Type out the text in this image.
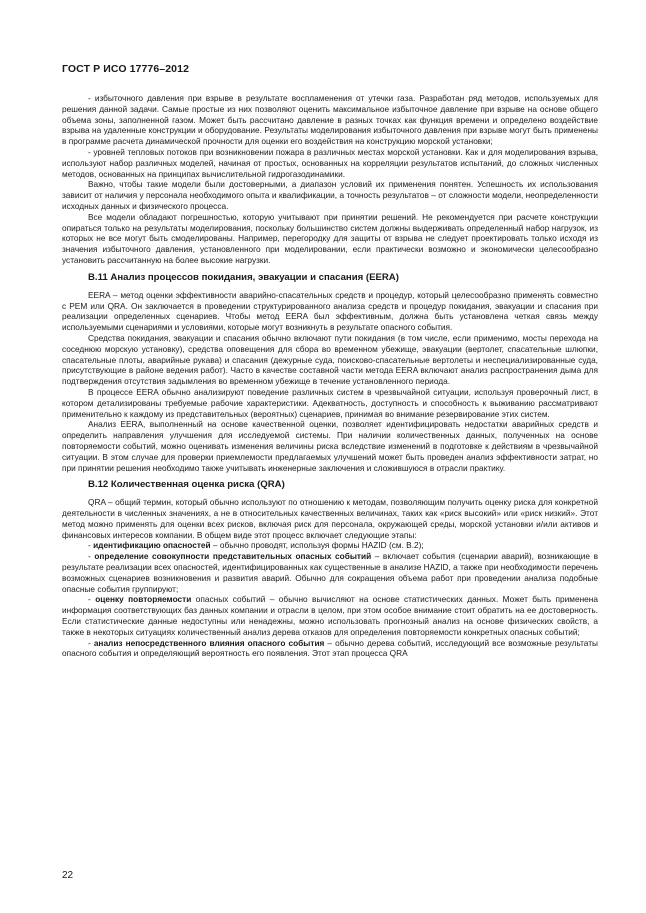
ГОСТ Р ИСО 17776–2012

- избыточного давления при взрыве в результате воспламенения от утечки газа. Разработан ряд методов, используемых для решения данной задачи. Самые простые из них позволяют оценить максимальное избыточное давление при взрыве на основе общего объема зоны, заполненной газом. Может быть рассчитано давление в разных точках как функция времени и определено воздействие взрыва на удаленные конструкции и оборудование. Результаты моделирования избыточного давления при взрыве могут быть применены в программе расчета динамической прочности для оценки его воздействия на конструкцию морской установки;

- уровней тепловых потоков при возникновении пожара в различных местах морской установки. Как и для моделирования взрыва, используют набор различных моделей, начиная от простых, основанных на корреляции результатов испытаний, до сложных численных методов, основанных на принципах вычислительной гидрогазодинамики.

Важно, чтобы такие модели были достоверными, а диапазон условий их применения понятен. Успешность их использования зависит от наличия у персонала необходимого опыта и квалификации, а точность результатов – от сложности модели, неопределенности исходных данных и физического процесса.

Все модели обладают погрешностью, которую учитывают при принятии решений. Не рекомендуется при расчете конструкции опираться только на результаты моделирования, поскольку большинство систем должны выдерживать определенный набор нагрузок, из которых не все могут быть смоделированы. Например, перегородку для защиты от взрыва не следует проектировать только исходя из значения избыточного давления, установленного при моделировании, если практически возможно и экономически целесообразно установить рассчитанную на более высокие нагрузки.

В.11 Анализ процессов покидания, эвакуации и спасания (EERA)

EERA – метод оценки эффективности аварийно-спасательных средств и процедур, который целесообразно применять совместно с PEM или QRA. Он заключается в проведении структурированного анализа средств и процедур покидания, эвакуации и спасания при реализации определенных сценариев. Чтобы метод EERA был эффективным, должна быть установлена четкая связь между используемыми сценариями и условиями, которые могут возникнуть в результате опасного события.

Средства покидания, эвакуации и спасания обычно включают пути покидания (в том числе, если применимо, мосты перехода на соседнюю морскую установку), средства оповещения для сбора во временном убежище, эвакуации (вертолет, спасательные шлюпки, спасательные плоты, аварийные рукава) и спасания (дежурные суда, поисково-спасательные вертолеты и неспециализированные суда, присутствующие в районе ведения работ). Часто в качестве составной части метода EERA включают анализ распространения дыма для подтверждения отсутствия задымления во временном убежище в течение установленного периода.

В процессе EERA обычно анализируют поведение различных систем в чрезвычайной ситуации, используя проверочный лист, в котором детализированы требуемые рабочие характеристики. Адекватность, доступность и способность к выживанию рассматривают применительно к каждому из представительных (вероятных) сценариев, принимая во внимание резервирование этих систем.

Анализ EERA, выполненный на основе качественной оценки, позволяет идентифицировать недостатки аварийных средств и определить направления улучшения для исследуемой системы. При наличии количественных данных, полученных на основе повторяемости событий, можно оценивать изменения величины риска вследствие изменений в подготовке к действиям в чрезвычайной ситуации. В этом случае для проверки приемлемости предлагаемых улучшений может быть проведен анализ эффективности затрат, но при принятии решения необходимо также учитывать инженерные заключения и сложившуюся в отрасли практику.

В.12 Количественная оценка риска (QRA)

QRA – общий термин, который обычно используют по отношению к методам, позволяющим получить оценку риска для конкретной деятельности в численных значениях, а не в относительных качественных величинах, таких как «риск высокий» или «риск низкий». Этот метод можно применять для оценки всех рисков, включая риск для персонала, окружающей среды, морской установки и/или активов и финансовых интересов компании. В общем виде этот процесс включает следующие этапы:

- идентификацию опасностей – обычно проводят, используя формы HAZID (см. В.2);

- определение совокупности представительных опасных событий – включает события (сценарии аварий), возникающие в результате реализации всех опасностей, идентифицированных как существенные в анализе HAZID, а также при необходимости перечень возможных сценариев возникновения и развития аварий. Обычно для сокращения объема работ при проведении анализа подобные опасные события группируют;

- оценку повторяемости опасных событий – обычно вычисляют на основе статистических данных. Может быть применена информация соответствующих баз данных компании и отрасли в целом, при этом особое внимание стоит обратить на ее достоверность. Если статистические данные недоступны или ненадежны, можно использовать прогнозный анализ на основе физических свойств, а также в некоторых ситуациях количественный анализ дерева отказов для определения повторяемости конкретных опасных событий;

- анализ непосредственного влияния опасного события – обычно дерева событий, исследующий все возможные результаты опасного события и определяющий вероятность его появления. Этот этап процесса QRA

22
